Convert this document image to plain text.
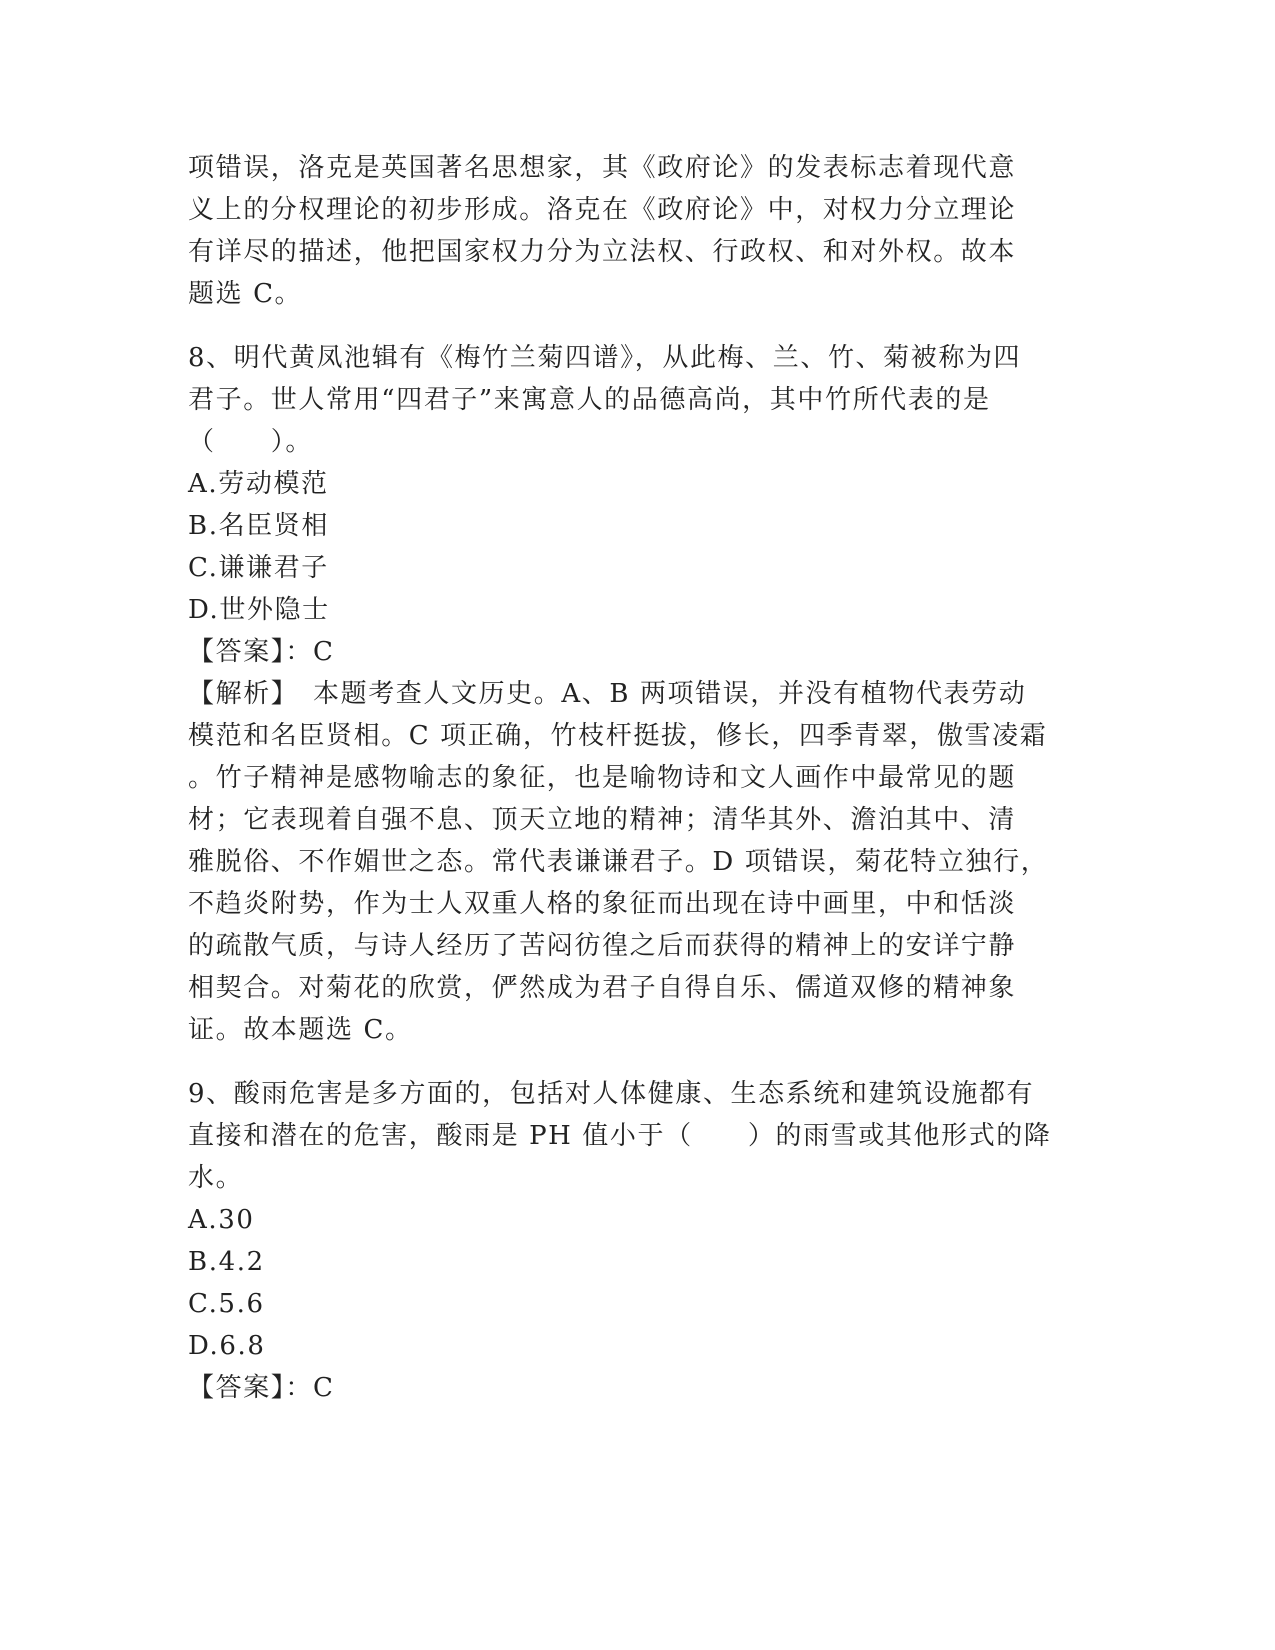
项错误，洛克是英国著名思想家，其《政府论》的发表标志着现代意
义上的分权理论的初步形成。洛克在《政府论》中，对权力分立理论
有详尽的描述，他把国家权力分为立法权、行政权、和对外权。故本
题选 C。
8、明代黄凤池辑有《梅竹兰菊四谱》，从此梅、兰、竹、菊被称为四
君子。世人常用“四君子”来寓意人的品德高尚，其中竹所代表的是
（　　）。
A.劳动模范
B.名臣贤相
C.谦谦君子
D.世外隐士
【答案】：C
【解析】　本题考查人文历史。A、B 两项错误，并没有植物代表劳动
模范和名臣贤相。C 项正确，竹枝杆挺拔，修长，四季青翠，傲雪凌霜
。竹子精神是感物喻志的象征，也是喻物诗和文人画作中最常见的题
材；它表现着自强不息、顶天立地的精神；清华其外、澹泊其中、清
雅脱俗、不作媚世之态。常代表谦谦君子。D 项错误，菊花特立独行，
不趋炎附势，作为士人双重人格的象征而出现在诗中画里，中和恬淡
的疏散气质，与诗人经历了苦闷彷徨之后而获得的精神上的安详宁静
相契合。对菊花的欣赏，俨然成为君子自得自乐、儒道双修的精神象
证。故本题选 C。
9、酸雨危害是多方面的，包括对人体健康、生态系统和建筑设施都有
直接和潜在的危害，酸雨是 PH 值小于（　　）的雨雪或其他形式的降
水。
A.30
B.4.2
C.5.6
D.6.8
【答案】：C
